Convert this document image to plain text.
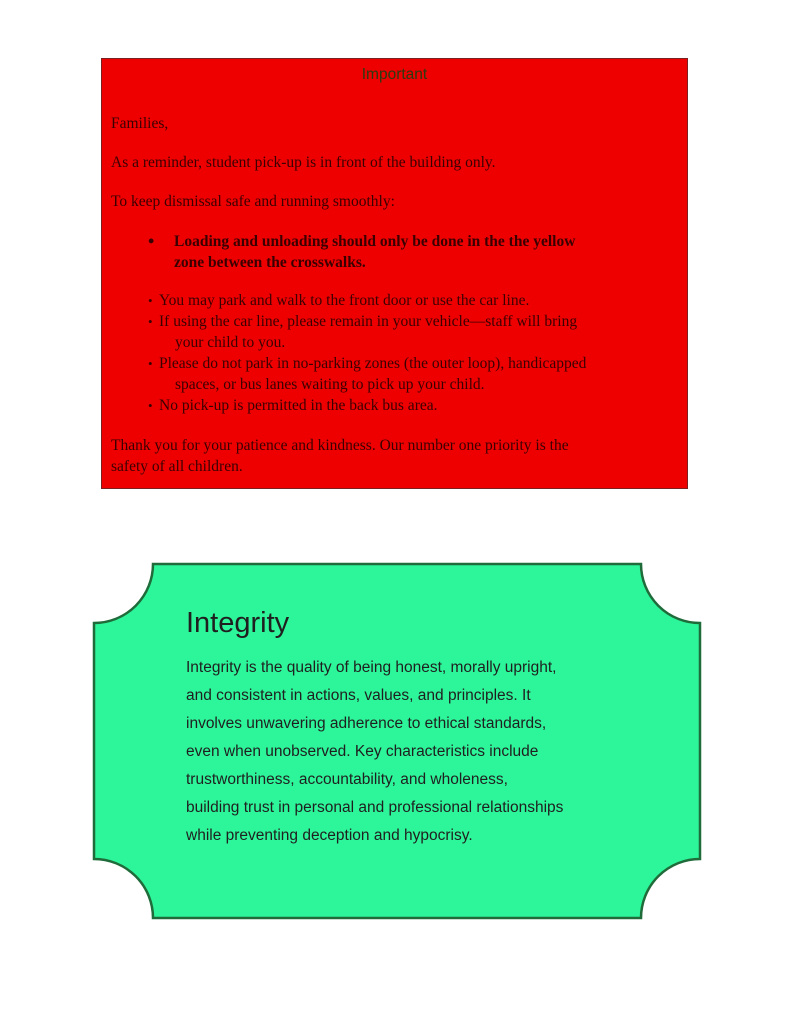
Important
Families,
As a reminder, student pick-up is in front of the building only.
To keep dismissal safe and running smoothly:
• Loading and unloading should only be done in the the yellow
zone between the crosswalks.
• You may park and walk to the front door or use the car line.
• If using the car line, please remain in your vehicle—staff will bring
your child to you.
• Please do not park in no-parking zones (the outer loop), handicapped
spaces, or bus lanes waiting to pick up your child.
• No pick-up is permitted in the back bus area.
Thank you for your patience and kindness. Our number one priority is the
safety of all children.
Integrity
Integrity is the quality of being honest, morally upright,
and consistent in actions, values, and principles. It
involves unwavering adherence to ethical standards,
even when unobserved. Key characteristics include
trustworthiness, accountability, and wholeness,
building trust in personal and professional relationships
while preventing deception and hypocrisy.
